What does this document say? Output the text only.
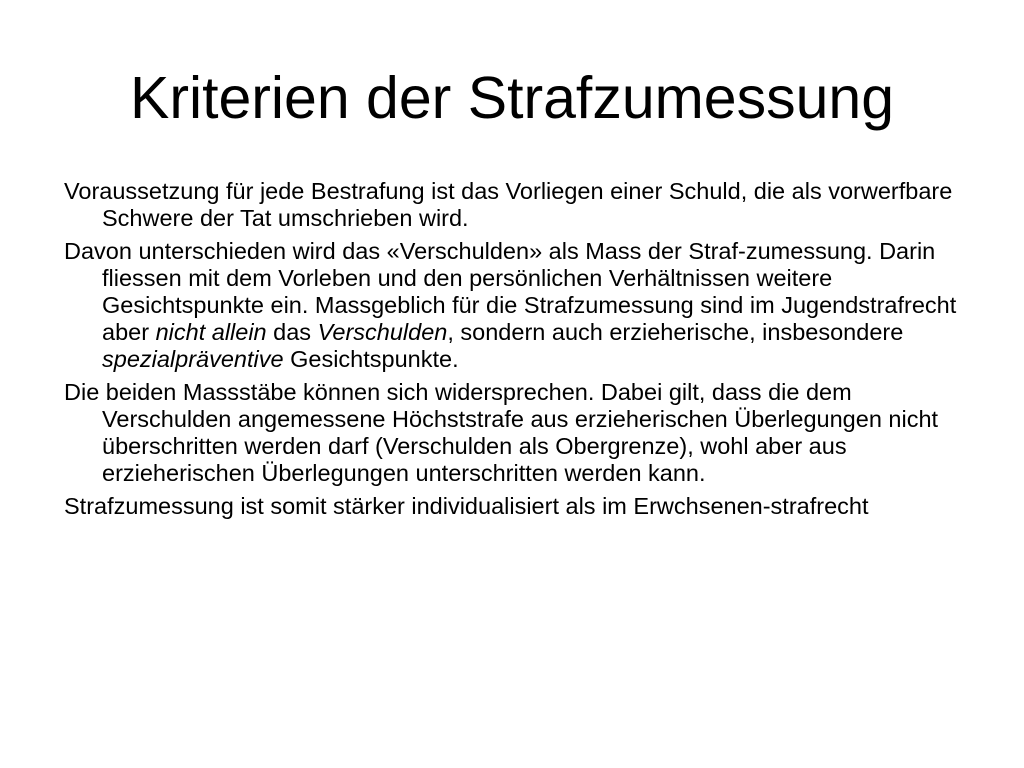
Kriterien der Strafzumessung

Voraussetzung für jede Bestrafung ist das Vorliegen einer Schuld, die als vorwerfbare Schwere der Tat umschrieben wird.

Davon unterschieden wird das «Verschulden» als Mass der Straf-zumessung. Darin fliessen mit dem Vorleben und den persönlichen Verhältnissen weitere Gesichtspunkte ein. Massgeblich für die Strafzumessung sind im Jugendstrafrecht aber nicht allein das Verschulden, sondern auch erzieherische, insbesondere spezialpräventive Gesichtspunkte.

Die beiden Massstäbe können sich widersprechen. Dabei gilt, dass die dem Verschulden angemessene Höchststrafe aus erzieherischen Überlegungen nicht überschritten werden darf (Verschulden als Obergrenze), wohl aber aus erzieherischen Überlegungen unterschritten werden kann.

Strafzumessung ist somit stärker individualisiert als im Erwchsenen-strafrecht
